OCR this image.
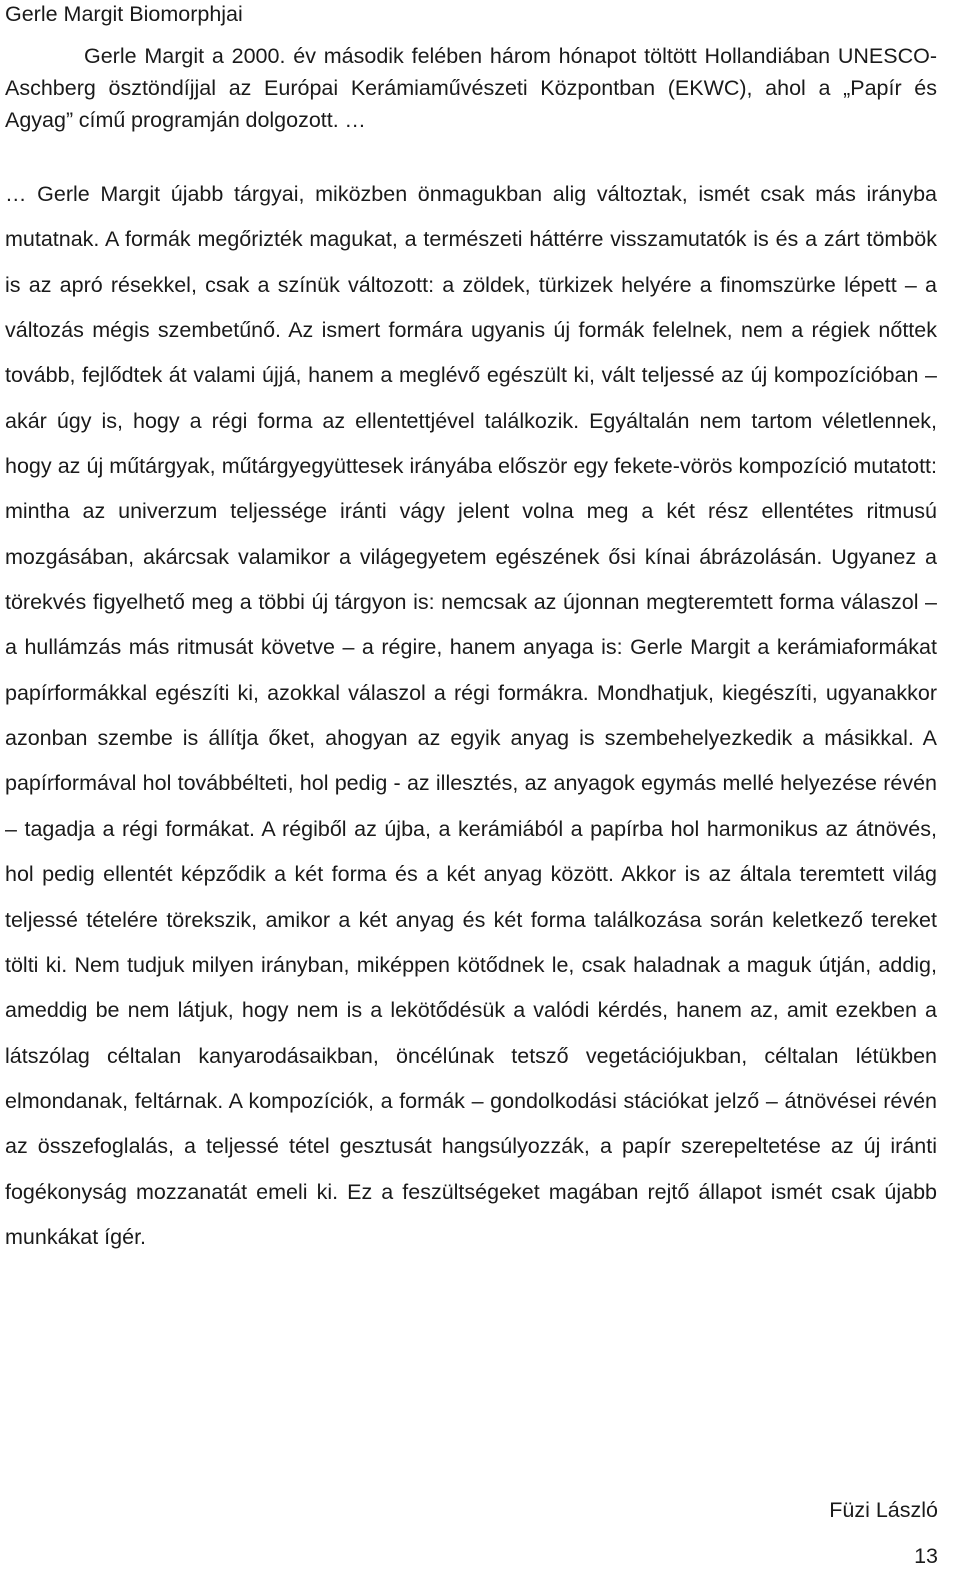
Gerle Margit Biomorphjai
Gerle Margit a 2000. év második felében három hónapot töltött Hollandiában UNESCO-Aschberg ösztöndíjjal az Európai Kerámiaművészeti Központban (EKWC), ahol a „Papír és Agyag” című programján dolgozott. …
… Gerle Margit újabb tárgyai, miközben önmagukban alig változtak, ismét csak más irányba mutatnak. A formák megőrizték magukat, a természeti háttérre visszamutatók is és a zárt tömbök is az apró résekkel, csak a színük változott: a zöldek, türkizek helyére a finomszürke lépett – a változás mégis szembetűnő. Az ismert formára ugyanis új formák felelnek, nem a régiek nőttek tovább, fejlődtek át valami újjá, hanem a meglévő egészült ki, vált teljessé az új kompozícióban – akár úgy is, hogy a régi forma az ellentettjével találkozik. Egyáltalán nem tartom véletlennek, hogy az új műtárgyak, műtárgyegyüttesek irányába először egy fekete-vörös kompozíció mutatott: mintha az univerzum teljessége iránti vágy jelent volna meg a két rész ellentétes ritmusú mozgásában, akárcsak valamikor a világegyetem egészének ősi kínai ábrázolásán. Ugyanez a törekvés figyelhető meg a többi új tárgyon is: nemcsak az újonnan megteremtett forma válaszol – a hullámzás más ritmusát követve – a régire, hanem anyaga is: Gerle Margit a kerámiaformákat papírformákkal egészíti ki, azokkal válaszol a régi formákra. Mondhatjuk, kiegészíti, ugyanakkor azonban szembe is állítja őket, ahogyan az egyik anyag is szembehelyezkedik a másikkal. A papírformával hol továbbélteti, hol pedig - az illesztés, az anyagok egymás mellé helyezése révén – tagadja a régi formákat. A régiből az újba, a kerámiából a papírba hol harmonikus az átnövés, hol pedig ellentét képződik a két forma és a két anyag között. Akkor is az általa teremtett világ teljessé tételére törekszik, amikor a két anyag és két forma találkozása során keletkező tereket tölti ki. Nem tudjuk milyen irányban, miképpen kötődnek le, csak haladnak a maguk útján, addig, ameddig be nem látjuk, hogy nem is a lekötődésük a valódi kérdés, hanem az, amit ezekben a látszólag céltalan kanyarodásaikban, öncélúnak tetsző vegetációjukban, céltalan létükben elmondanak, feltárnak. A kompozíciók, a formák – gondolkodási stációkat jelző – átnövései révén az összefoglalás, a teljessé tétel gesztusát hangsúlyozzák, a papír szerepeltetése az új iránti fogékonyság mozzanatát emeli ki. Ez a feszültségeket magában rejtő állapot ismét csak újabb munkákat ígér.
Füzi László
13
